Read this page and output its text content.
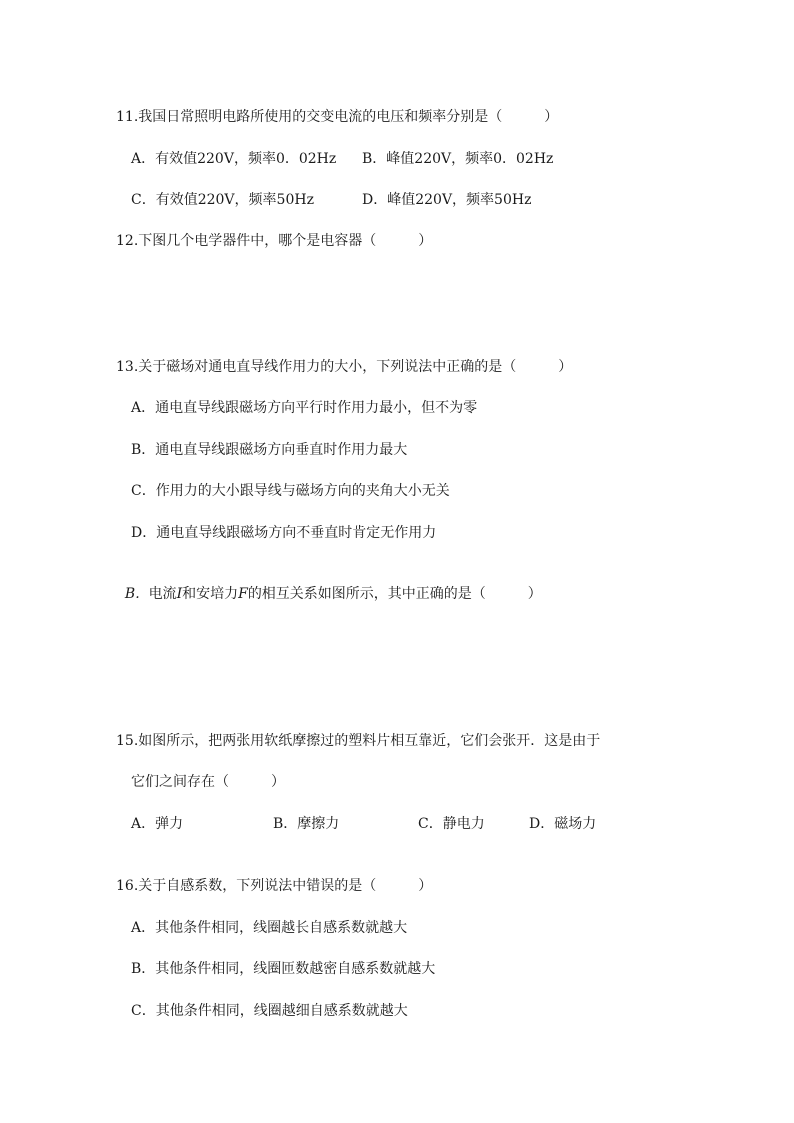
11.我国日常照明电路所使用的交变电流的电压和频率分别是（　　　）
A．有效值220V，频率0．02Hz B．峰值220V，频率0．02Hz
C．有效值220V，频率50Hz	D．峰值220V，频率50Hz
12.下图几个电学器件中，哪个是电容器（　　　）
13.关于磁场对通电直导线作用力的大小，下列说法中正确的是（　　　）
A．通电直导线跟磁场方向平行时作用力最小，但不为零
B．通电直导线跟磁场方向垂直时作用力最大
C．作用力的大小跟导线与磁场方向的夹角大小无关
D．通电直导线跟磁场方向不垂直时肯定无作用力

B. 电流I和安培力F的相互关系如图所示，其中正确的是（　　　）

15.如图所示，把两张用软纸摩擦过的塑料片相互靠近，它们会张开．这是由于
它们之间存在（　　　）
A．弹力	B．摩擦力	C．静电力	D．磁场力
16.关于自感系数，下列说法中错误的是（　　　）
A．其他条件相同，线圈越长自感系数就越大
B．其他条件相同，线圈匝数越密自感系数就越大
C．其他条件相同，线圈越细自感系数就越大
